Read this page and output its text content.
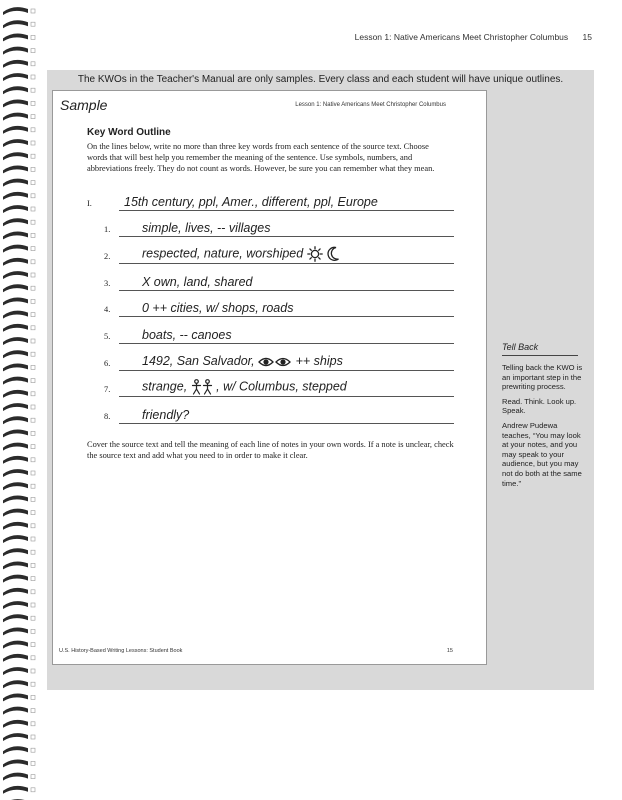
Lesson 1: Native Americans Meet Christopher Columbus 15
The KWOs in the Teacher's Manual are only samples. Every class and each student will have unique outlines.
Sample	Lesson 1: Native Americans Meet Christopher Columbus
Key Word Outline
On the lines below, write no more than three key words from each sentence of the source text. Choose words that will best help you remember the meaning of the sentence. Use symbols, numbers, and abbreviations freely. They do not count as words. However, be sure you can remember what they mean.
I.	15th century, ppl, Amer., different, ppl, Europe
1.	simple, lives, -- villages
2.	respected, nature, worshiped
3.	X own, land, shared
4.	0 ++ cities, w/ shops, roads
5.	boats, -- canoes
6.	1492, San Salvador,	++ ships
7.	strange, , w/ Columbus, stepped
8.	friendly?
Cover the source text and tell the meaning of each line of notes in your own words. If a note is unclear, check the source text and add what you need to in order to make it clear.
U.S. History-Based Writing Lessons: Student Book	15
Tell Back

Telling back the KWO is an important step in the prewriting process.

Read. Think. Look up. Speak.

Andrew Pudewa teaches, “You may look at your notes, and you may speak to your audience, but you may not do both at the same time.”
